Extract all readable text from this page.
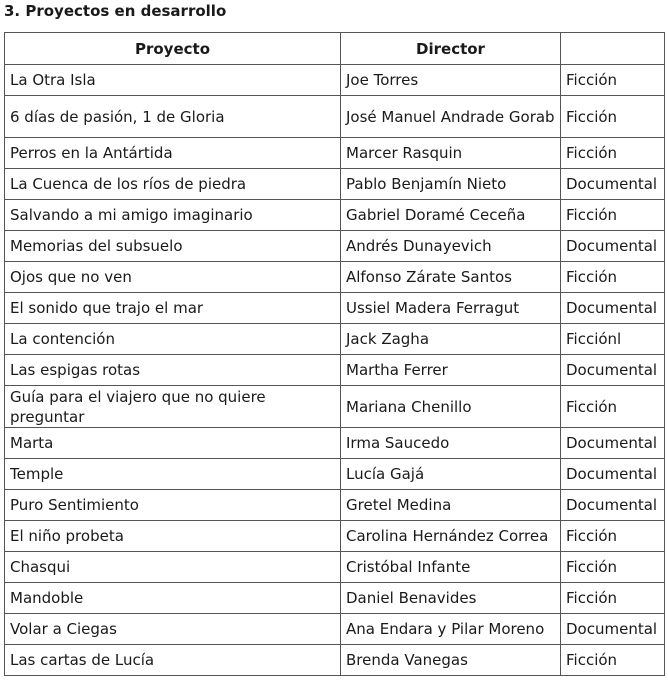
3. Proyectos en desarrollo
Proyecto	Director	
La Otra Isla	Joe Torres	Ficción
6 días de pasión, 1 de Gloria	José Manuel Andrade Gorab	Ficción
Perros en la Antártida	Marcer Rasquin	Ficción
La Cuenca de los ríos de piedra	Pablo Benjamín Nieto	Documental
Salvando a mi amigo imaginario	Gabriel Doramé Ceceña	Ficción
Memorias del subsuelo	Andrés Dunayevich	Documental
Ojos que no ven	Alfonso Zárate Santos	Ficción
El sonido que trajo el mar	Ussiel Madera Ferragut	Documental
La contención	Jack Zagha	Ficciónl
Las espigas rotas	Martha Ferrer	Documental
Guía para el viajero que no quiere preguntar	Mariana Chenillo	Ficción
Marta	Irma Saucedo	Documental
Temple	Lucía Gajá	Documental
Puro Sentimiento	Gretel Medina	Documental
El niño probeta	Carolina Hernández Correa	Ficción
Chasqui	Cristóbal Infante	Ficción
Mandoble	Daniel Benavides	Ficción
Volar a Ciegas	Ana Endara y Pilar Moreno	Documental
Las cartas de Lucía	Brenda Vanegas	Ficción
